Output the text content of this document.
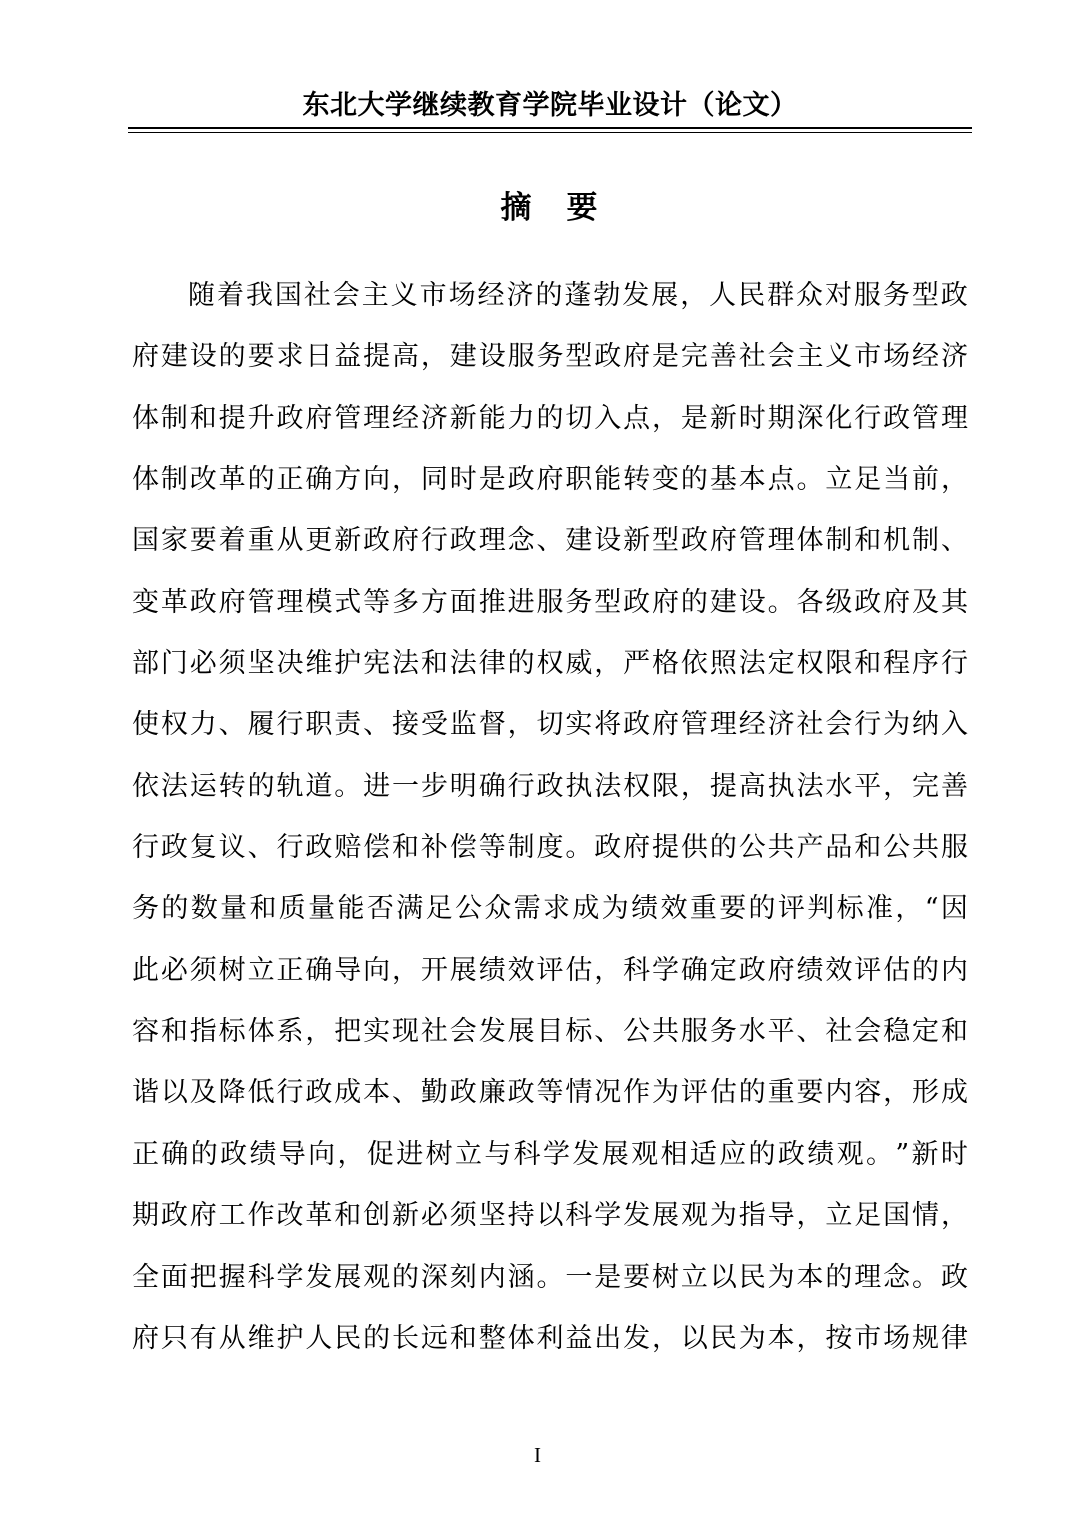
东北大学继续教育学院毕业设计（论文）
摘　要
随 着 我 国 社 会 主 义 市 场 经 济 的 蓬 勃 发 展 ， 人 民 群 众 对 服 务 型 政
府 建 设 的 要 求 日 益 提 高 ， 建 设 服 务 型 政 府 是 完 善 社 会 主 义 市 场 经 济
体 制 和 提 升 政 府 管 理 经 济 新 能 力 的 切 入 点 ， 是 新 时 期 深 化 行 政 管 理
体 制 改 革 的 正 确 方 向 ， 同 时 是 政 府 职 能 转 变 的 基 本 点 。 立 足 当 前 ，
国 家 要 着 重 从 更 新 政 府 行 政 理 念 、 建 设 新 型 政 府 管 理 体 制 和 机 制 、
变 革 政 府 管 理 模 式 等 多 方 面 推 进 服 务 型 政 府 的 建 设 。 各 级 政 府 及 其
部 门 必 须 坚 决 维 护 宪 法 和 法 律 的 权 威 ， 严 格 依 照 法 定 权 限 和 程 序 行
使 权 力 、 履 行 职 责 、 接 受 监 督 ， 切 实 将 政 府 管 理 经 济 社 会 行 为 纳 入
依 法 运 转 的 轨 道 。 进 一 步 明 确 行 政 执 法 权 限 ， 提 高 执 法 水 平 ， 完 善
行 政 复 议 、 行 政 赔 偿 和 补 偿 等 制 度 。 政 府 提 供 的 公 共 产 品 和 公 共 服
务 的 数 量 和 质 量 能 否 满 足 公 众 需 求 成 为 绩 效 重 要 的 评 判 标 准 ， “ 因
此 必 须 树 立 正 确 导 向 ， 开 展 绩 效 评 估 ， 科 学 确 定 政 府 绩 效 评 估 的 内
容 和 指 标 体 系 ， 把 实 现 社 会 发 展 目 标 、 公 共 服 务 水 平 、 社 会 稳 定 和
谐 以 及 降 低 行 政 成 本 、 勤 政 廉 政 等 情 况 作 为 评 估 的 重 要 内 容 ， 形 成
正 确 的 政 绩 导 向 ， 促 进 树 立 与 科 学 发 展 观 相 适 应 的 政 绩 观 。 ” 新 时
期 政 府 工 作 改 革 和 创 新 必 须 坚 持 以 科 学 发 展 观 为 指 导 ， 立 足 国 情 ，
全 面 把 握 科 学 发 展 观 的 深 刻 内 涵 。 一 是 要 树 立 以 民 为 本 的 理 念 。 政
府 只 有 从 维 护 人 民 的 长 远 和 整 体 利 益 出 发 ， 以 民 为 本 ， 按 市 场 规 律
I
